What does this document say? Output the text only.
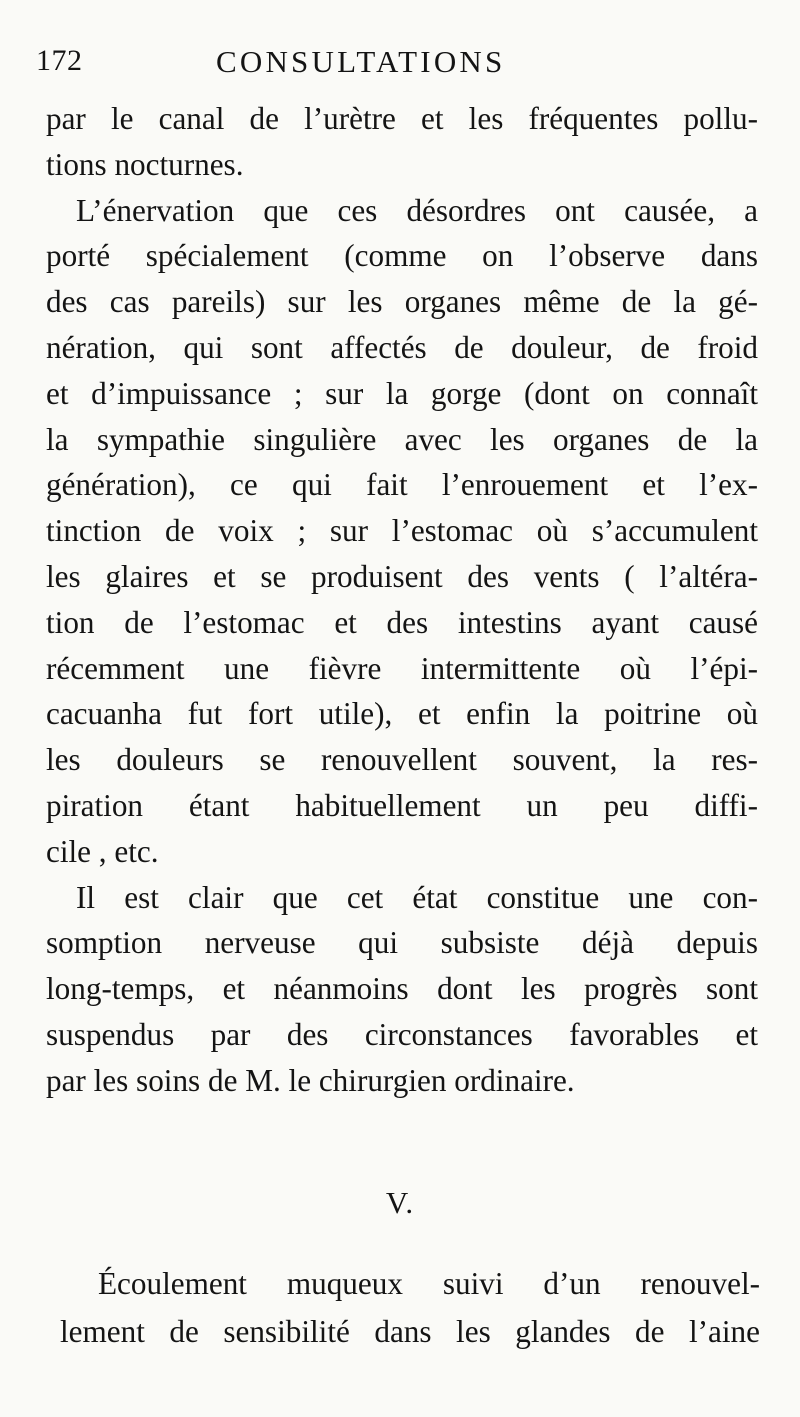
172	CONSULTATIONS
par le canal de l’urètre et les fréquentes pollu-
tions nocturnes.
L’énervation que ces désordres ont causée, a
porté spécialement (comme on l’observe dans
des cas pareils) sur les organes même de la gé-
nération, qui sont affectés de douleur, de froid
et d’impuissance ; sur la gorge (dont on connaît
la sympathie singulière avec les organes de la
génération), ce qui fait l’enrouement et l’ex-
tinction de voix ; sur l’estomac où s’accumulent
les glaires et se produisent des vents ( l’altéra-
tion de l’estomac et des intestins ayant causé
récemment une fièvre intermittente où l’épi-
cacuanha fut fort utile), et enfin la poitrine où
les douleurs se renouvellent souvent, la res-
piration étant habituellement un peu diffi-
cile , etc.
Il est clair que cet état constitue une con-
somption nerveuse qui subsiste déjà depuis
long-temps, et néanmoins dont les progrès sont
suspendus par des circonstances favorables et
par les soins de M. le chirurgien ordinaire.
V.
Écoulement muqueux suivi d’un renouvel-
lement de sensibilité dans les glandes de l’aine
